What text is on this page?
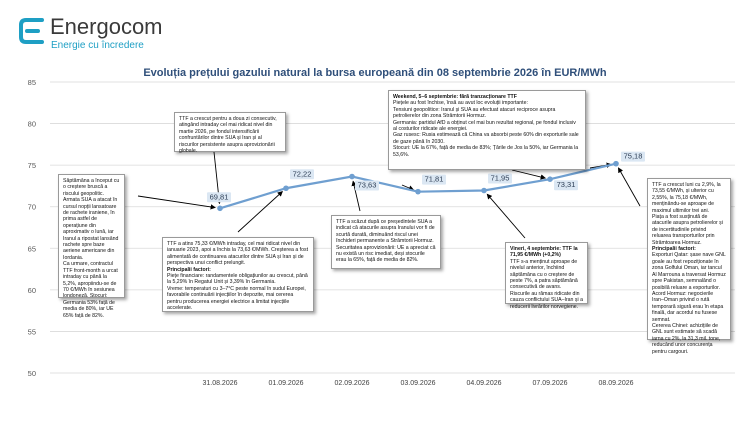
Energocom
Energie cu încredere
Evoluția prețului gazului natural la bursa europeană din 08 septembrie 2026 în EUR/MWh
50
55
60
65
70
75
80
85
31.08.2026	01.09.2026	02.09.2026	03.09.2026	04.09.2026	07.09.2026	08.09.2026
69,81
72,22
73,63
71,81	71,95
73,31
75,18

Săptămâna a început cu o creștere bruscă a riscului geopolitic. Armata SUA a atacat în cursul nopții lansatoare de rachete iraniene, în prima astfel de operațiune din aproximativ o lună, iar Iranul a ripostat lansând rachete spre baze aeriene americane din Iordania.

Ca urmare, contractul TTF front-month a urcat intraday cu până la 5,2%, apropiindu-se de 70 €/MWh în sesiunea londoneză. Stocuri: Germania 53% față de media de 80%, iar UE 65% față de 82%.

TTF a crescut pentru a doua zi consecutiv, atingând intraday cel mai ridicat nivel din martie 2026, pe fondul intensificării confruntărilor dintre SUA și Iran și al riscurilor persistente asupra aprovizionării globale.

TTF a atins 75,33 €/MWh intraday, cel mai ridicat nivel din ianuarie 2023, apoi a închis la 73,63 €/MWh. Creșterea a fost alimentată de continuarea atacurilor dintre SUA și Iran și de perspectiva unui conflict prelungit.

Principalii factori:

Piețe financiare: randamentele obligațiunilor au crescut, până la 5,29% în Regatul Unit și 3,39% în Germania.

Vreme: temperaturi cu 3–7°C peste normal în sudul Europei, favorabile continuării injecțiilor în depozite, mai cererea pentru producerea energiei electrice a limitat injecțiile accelerate.

Weekend, 5–6 septembrie: fără tranzacționare TTF

Piețele au fost închise, însă au avut loc evoluții importante:

Tensiuni geopolitice: Iranul și SUA au efectuat atacuri reciproce asupra petrolierelor din zona Strâmtorii Hormuz.

Germania: partidul AfD a obținut cel mai bun rezultat regional, pe fondul inclusiv al costurilor ridicate ale energiei.

Gaz rusesc: Rusia estimează că China va absorbi peste 60% din exporturile sale de gaze până în 2030.

Stocuri: UE la 67%, față de media de 83%; Țările de Jos la 50%, iar Germania la 53,6%.

TTF a scăzut după ce președintele SUA a indicat că atacurile asupra Iranului vor fi de scurtă durată, diminuând riscul unei închideri permanente a Strâmtorii Hormuz.

Securitatea aprovizionării: UE a apreciat că nu există un risc imediat, deși stocurile erau la 65%, față de media de 82%.

Vineri, 4 septembrie: TTF la 71,95 €/MWh (+0,2%)

TTF s-a menținut aproape de nivelul anterior, închiind săptămâna cu o creștere de peste 7%, a patra săptămână consecutivă de avans.

Riscurile au rămas ridicate din cauza conflictului SUA–Iran și a reducerii livrărilor norvegiene.

TTF a crescut luni cu 2,9%, la 73,55 €/MWh, și ulterior cu 2,55%, la 75,18 €/MWh, menținându-se aproape de maximul ultimilor trei ani.

Piața a fost susținută de atacurile asupra petrolierelor și de incertitudinile privind reluarea transporturilor prin Strâmtoarea Hormuz.

Principalii factori:

Exporturi Qatar: șase nave GNL goale au fost repoziționate în zona Golfului Oman, iar tancul Al Marrouna a traversat Hormuz spre Pakistan, semnalând o posibilă reluare a exporturilor.

Acord Hormuz: negocierile Iran–Oman privind o rută temporară sigură erau în etapa finală, dar acordul nu fusese semnat.

Cererea Chinei: achizițiile de GNL sunt estimate să scadă iarna cu 2%, la 31,3 mil. tone, reducând unor concurența pentru cargouri.
